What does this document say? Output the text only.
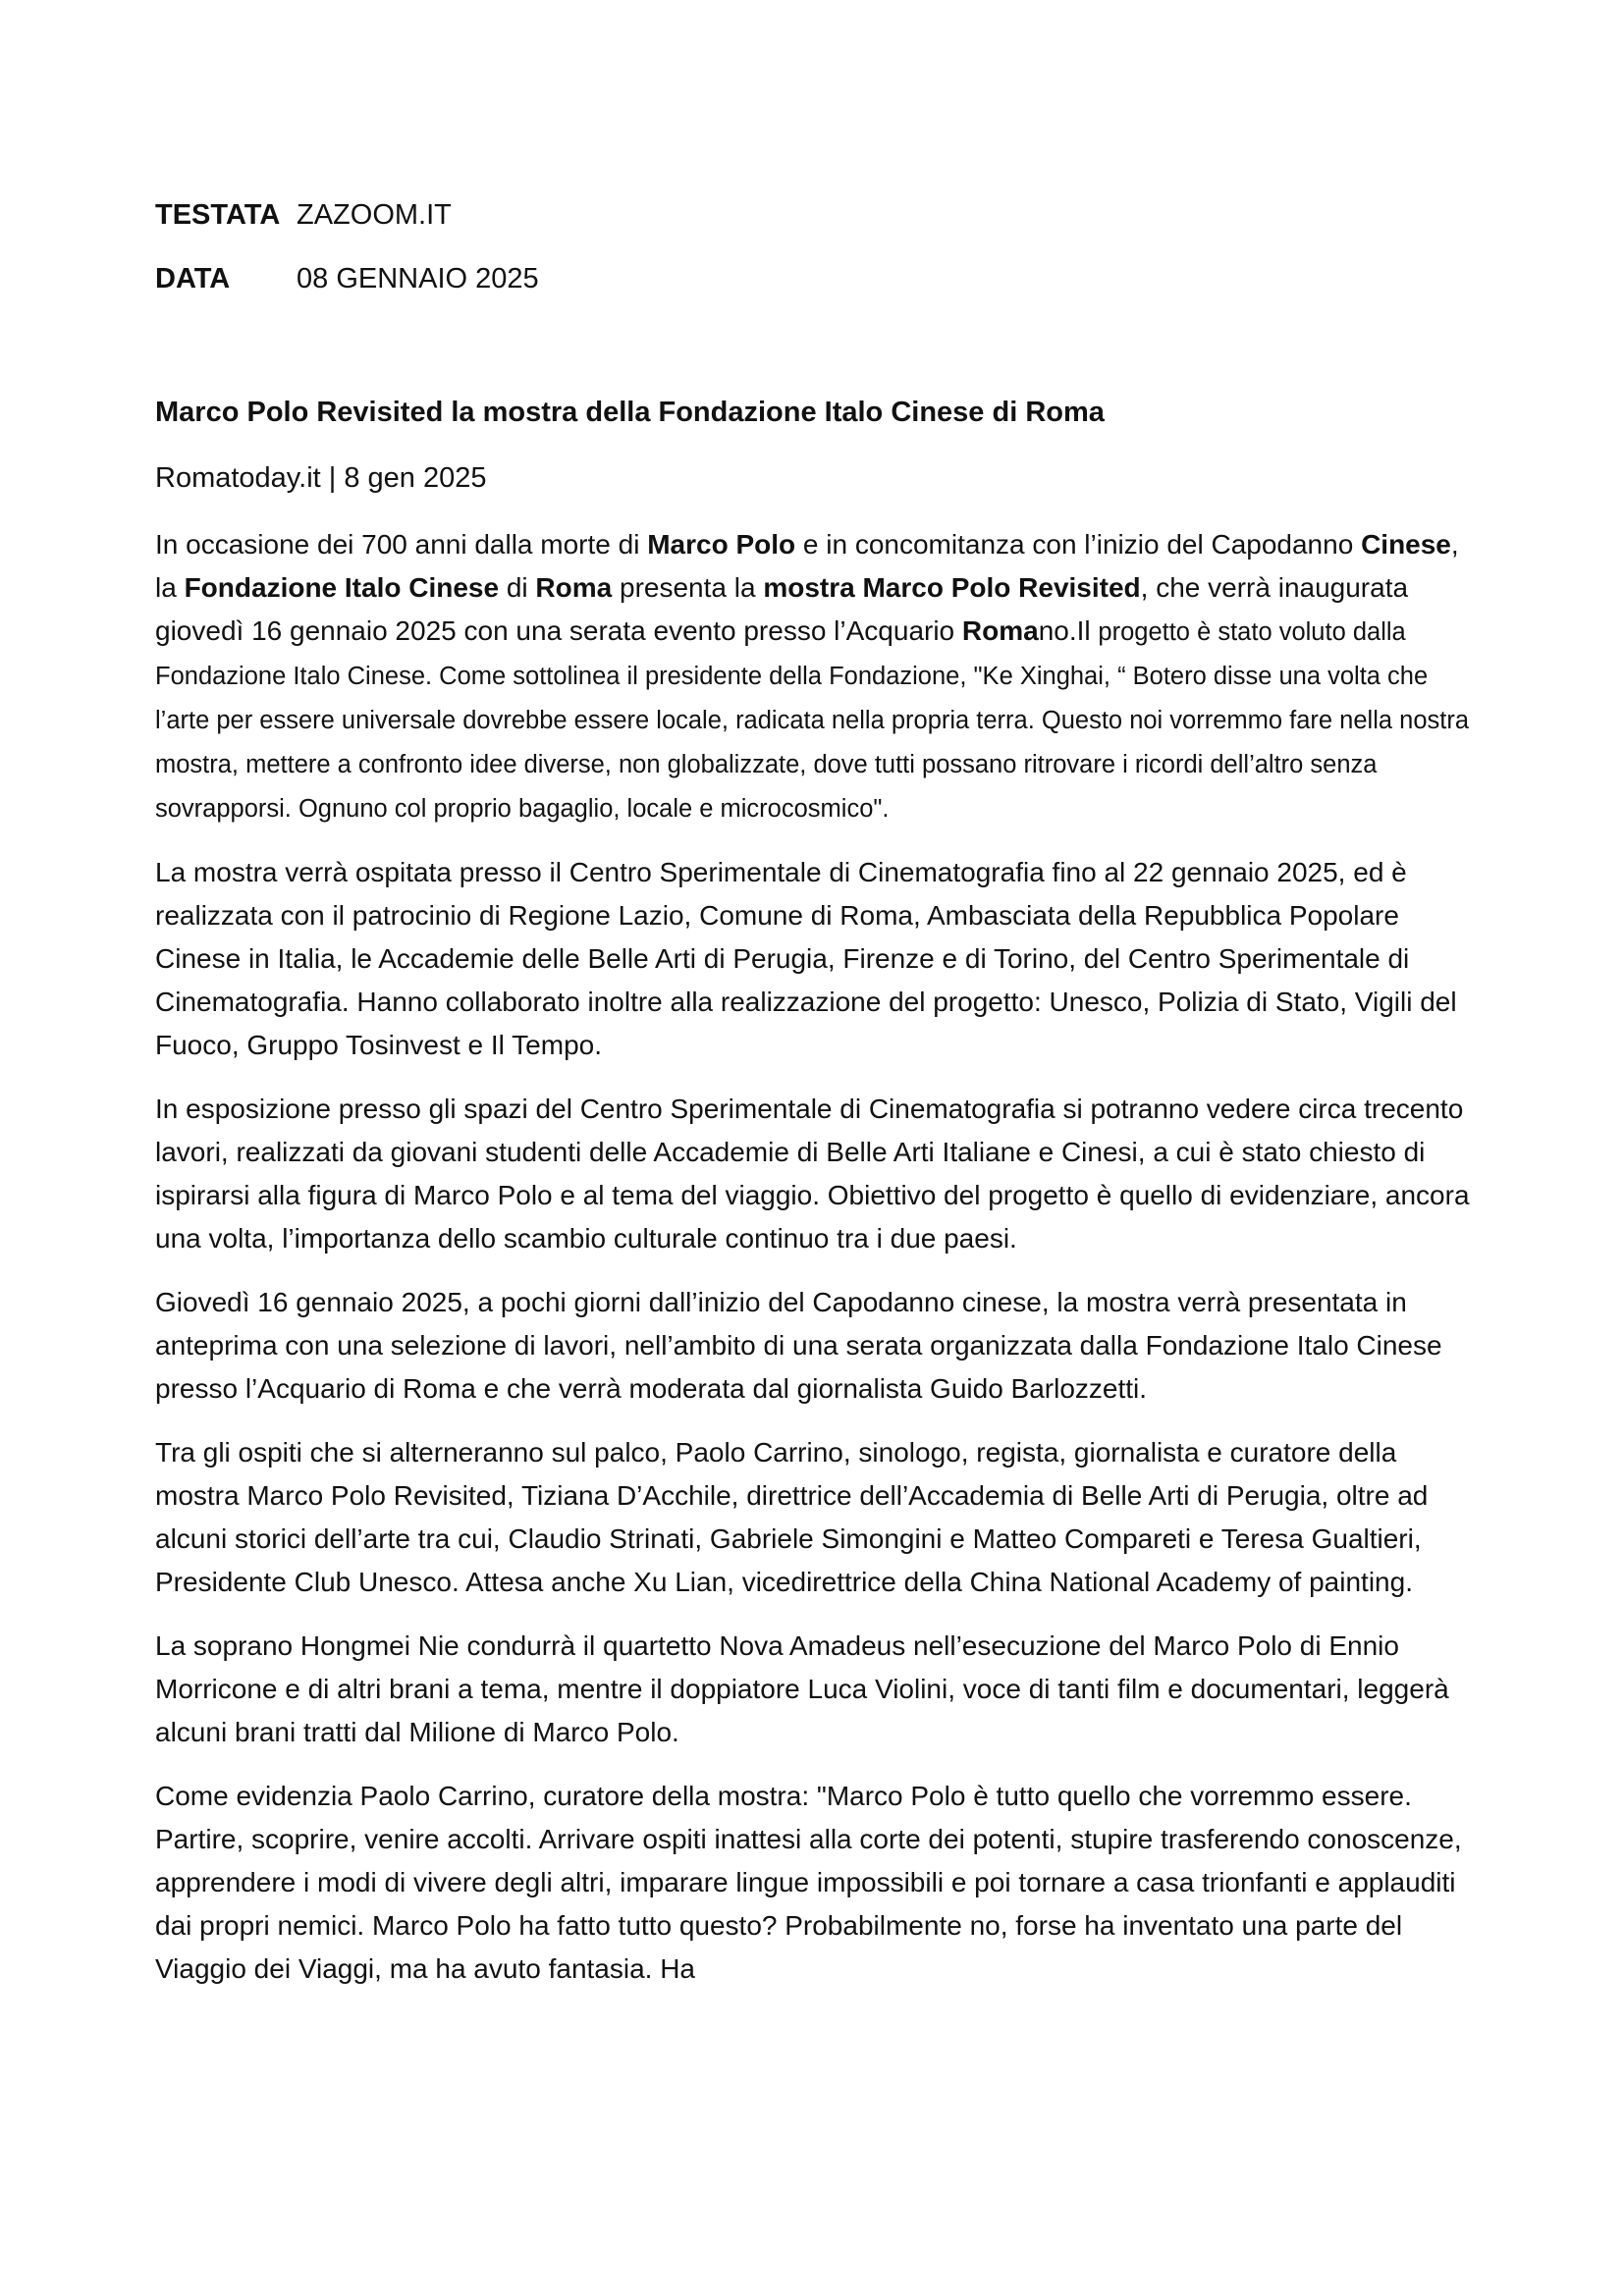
TESTATA ZAZOOM.IT
DATA 08 GENNAIO 2025
Marco Polo Revisited la mostra della Fondazione Italo Cinese di Roma
Romatoday.it | 8 gen 2025

In occasione dei 700 anni dalla morte di Marco Polo e in concomitanza con l’inizio del Capodanno Cinese, la Fondazione Italo Cinese di Roma presenta la mostra Marco Polo Revisited, che verrà inaugurata giovedì 16 gennaio 2025 con una serata evento presso l’Acquario Romano.Il progetto è stato voluto dalla Fondazione Italo Cinese. Come sottolinea il presidente della Fondazione, "Ke Xinghai, “ Botero disse una volta che l’arte per essere universale dovrebbe essere locale, radicata nella propria terra. Questo noi vorremmo fare nella nostra mostra, mettere a confronto idee diverse, non globalizzate, dove tutti possano ritrovare i ricordi dell’altro senza sovrapporsi. Ognuno col proprio bagaglio, locale e microcosmico".

La mostra verrà ospitata presso il Centro Sperimentale di Cinematografia fino al 22 gennaio 2025, ed è realizzata con il patrocinio di Regione Lazio, Comune di Roma, Ambasciata della Repubblica Popolare Cinese in Italia, le Accademie delle Belle Arti di Perugia, Firenze e di Torino, del Centro Sperimentale di Cinematografia. Hanno collaborato inoltre alla realizzazione del progetto: Unesco, Polizia di Stato, Vigili del Fuoco, Gruppo Tosinvest e Il Tempo.

In esposizione presso gli spazi del Centro Sperimentale di Cinematografia si potranno vedere circa trecento lavori, realizzati da giovani studenti delle Accademie di Belle Arti Italiane e Cinesi, a cui è stato chiesto di ispirarsi alla figura di Marco Polo e al tema del viaggio. Obiettivo del progetto è quello di evidenziare, ancora una volta, l’importanza dello scambio culturale continuo tra i due paesi.

Giovedì 16 gennaio 2025, a pochi giorni dall’inizio del Capodanno cinese, la mostra verrà presentata in anteprima con una selezione di lavori, nell’ambito di una serata organizzata dalla Fondazione Italo Cinese presso l’Acquario di Roma e che verrà moderata dal giornalista Guido Barlozzetti.

Tra gli ospiti che si alterneranno sul palco, Paolo Carrino, sinologo, regista, giornalista e curatore della mostra Marco Polo Revisited, Tiziana D’Acchile, direttrice dell’Accademia di Belle Arti di Perugia, oltre ad alcuni storici dell’arte tra cui, Claudio Strinati, Gabriele Simongini e Matteo Compareti e Teresa Gualtieri, Presidente Club Unesco. Attesa anche Xu Lian, vicedirettrice della China National Academy of painting.

La soprano Hongmei Nie condurrà il quartetto Nova Amadeus nell’esecuzione del Marco Polo di Ennio Morricone e di altri brani a tema, mentre il doppiatore Luca Violini, voce di tanti film e documentari, leggerà alcuni brani tratti dal Milione di Marco Polo.

Come evidenzia Paolo Carrino, curatore della mostra: "Marco Polo è tutto quello che vorremmo essere. Partire, scoprire, venire accolti. Arrivare ospiti inattesi alla corte dei potenti, stupire trasferendo conoscenze, apprendere i modi di vivere degli altri, imparare lingue impossibili e poi tornare a casa trionfanti e applauditi dai propri nemici. Marco Polo ha fatto tutto questo? Probabilmente no, forse ha inventato una parte del Viaggio dei Viaggi, ma ha avuto fantasia. Ha
